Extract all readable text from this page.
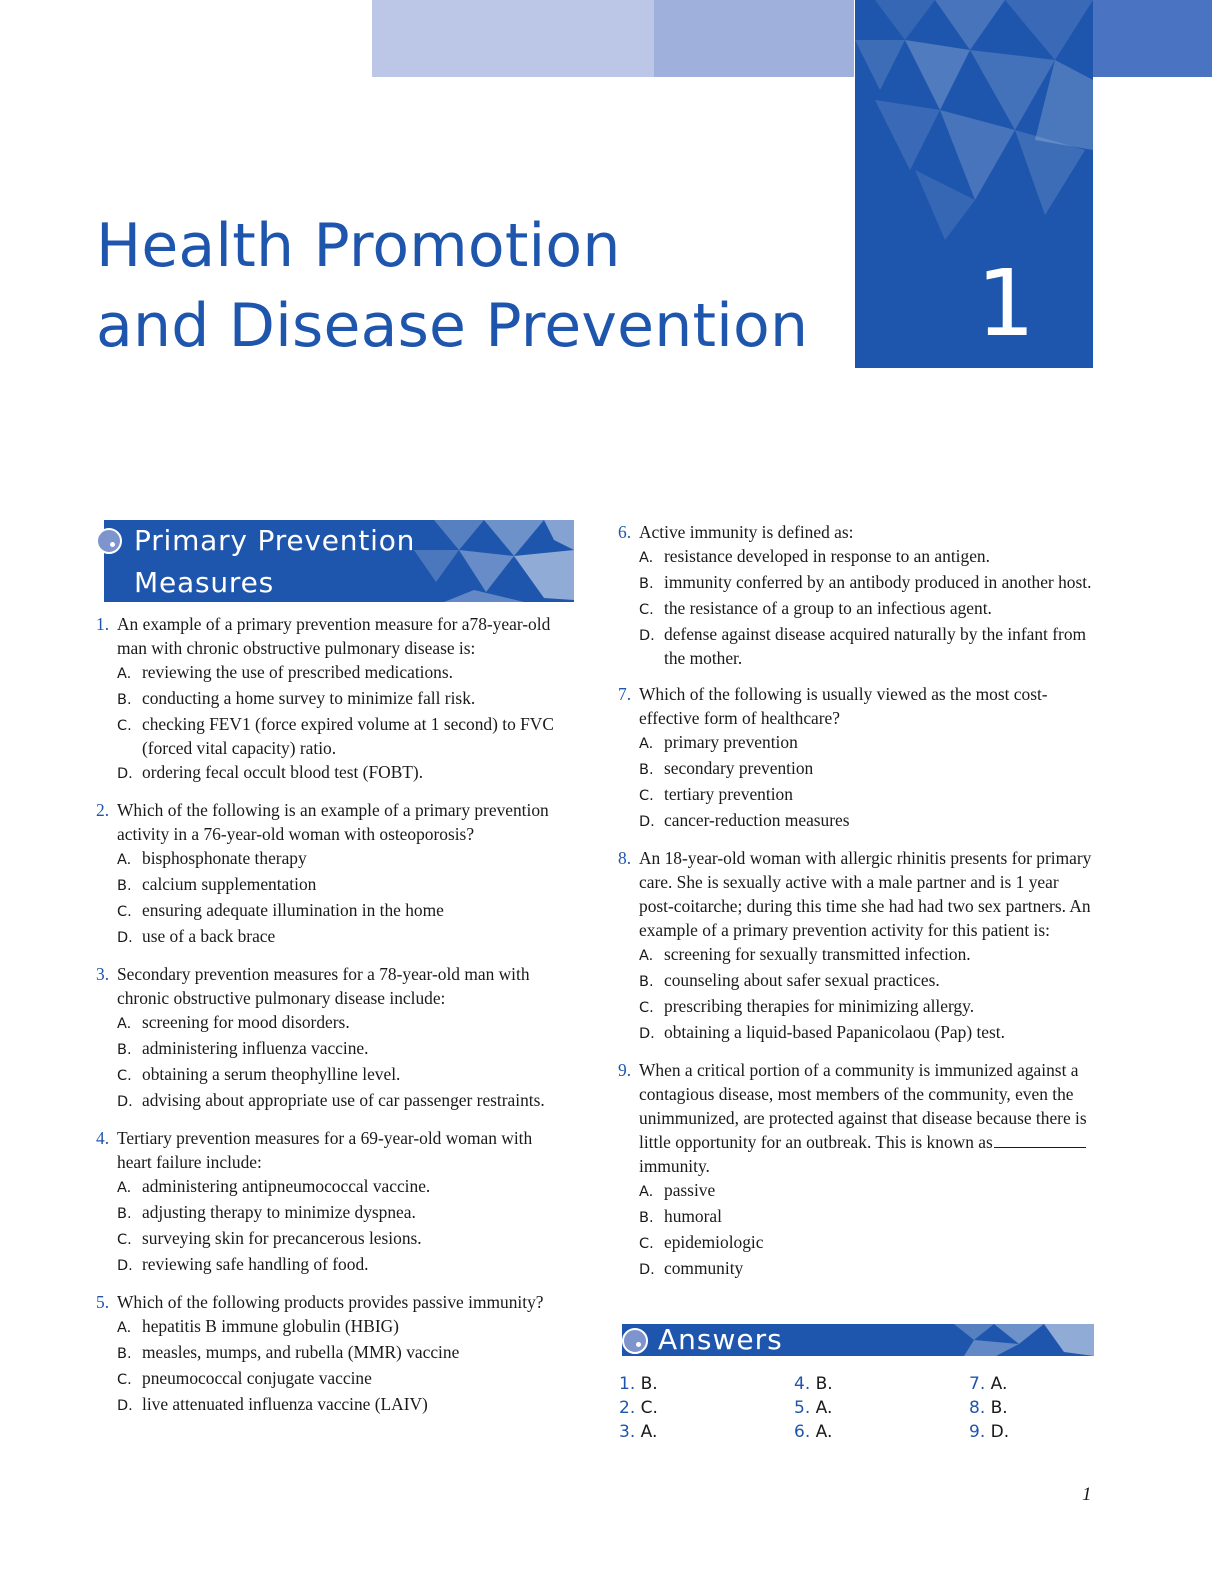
1
Health Promotion
and Disease Prevention
Primary Prevention
Measures
1. An example of a primary prevention measure for a78-year-old man with chronic obstructive pulmonary disease is:
A. reviewing the use of prescribed medications.
B. conducting a home survey to minimize fall risk.
C. checking FEV1 (force expired volume at 1 second) to FVC (forced vital capacity) ratio.
D. ordering fecal occult blood test (FOBT).
2. Which of the following is an example of a primary prevention activity in a 76-year-old woman with osteoporosis?
A. bisphosphonate therapy
B. calcium supplementation
C. ensuring adequate illumination in the home
D. use of a back brace
3. Secondary prevention measures for a 78-year-old man with chronic obstructive pulmonary disease include:
A. screening for mood disorders.
B. administering influenza vaccine.
C. obtaining a serum theophylline level.
D. advising about appropriate use of car passenger restraints.
4. Tertiary prevention measures for a 69-year-old woman with heart failure include:
A. administering antipneumococcal vaccine.
B. adjusting therapy to minimize dyspnea.
C. surveying skin for precancerous lesions.
D. reviewing safe handling of food.
5. Which of the following products provides passive immunity?
A. hepatitis B immune globulin (HBIG)
B. measles, mumps, and rubella (MMR) vaccine
C. pneumococcal conjugate vaccine
D. live attenuated influenza vaccine (LAIV)
6. Active immunity is defined as:
A. resistance developed in response to an antigen.
B. immunity conferred by an antibody produced in another host.
C. the resistance of a group to an infectious agent.
D. defense against disease acquired naturally by the infant from the mother.
7. Which of the following is usually viewed as the most cost-effective form of healthcare?
A. primary prevention
B. secondary prevention
C. tertiary prevention
D. cancer-reduction measures
8. An 18-year-old woman with allergic rhinitis presents for primary care. She is sexually active with a male partner and is 1 year post-coitarche; during this time she had had two sex partners. An example of a primary prevention activity for this patient is:
A. screening for sexually transmitted infection.
B. counseling about safer sexual practices.
C. prescribing therapies for minimizing allergy.
D. obtaining a liquid-based Papanicolaou (Pap) test.
9. When a critical portion of a community is immunized against a contagious disease, most members of the community, even the unimmunized, are protected against that disease because there is little opportunity for an outbreak. This is known asimmunity.
A. passive
B. humoral
C. epidemiologic
D. community
Answers
1. B.
2. C.
3. A.
4. B.
5. A.
6. A.
7. A.
8. B.
9. D.
1
